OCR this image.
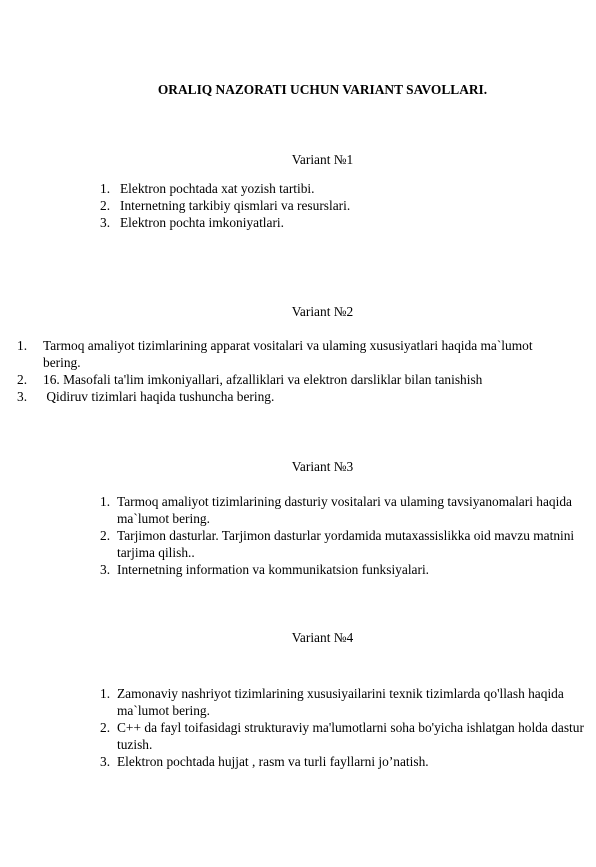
ORALIQ NAZORATI UCHUN VARIANT SAVOLLARI.
Variant №1
1. Elektron pochtada xat yozish tartibi.
2. Internetning tarkibiy qismlari va resurslari.
3. Elektron pochta imkoniyatlari.
Variant №2
1. Tarmoq amaliyot tizimlarining apparat vositalari va ulaming xususiyatlari haqida ma`lumot bering.
2. 16. Masofali ta'lim imkoniyallari, afzalliklari va elektron darsliklar bilan tanishish
3. Qidiruv tizimlari haqida tushuncha bering.
Variant №3
1. Tarmoq amaliyot tizimlarining dasturiy vositalari va ulaming tavsiyanomalari haqida ma`lumot bering.
2. Tarjimon dasturlar. Tarjimon dasturlar yordamida mutaxassislikka oid mavzu matnini tarjima qilish..
3. Internetning information va kommunikatsion funksiyalari.
Variant №4
1. Zamonaviy nashriyot tizimlarining xususiyailarini texnik tizimlarda qo'llash haqida ma`lumot bering.
2. C++ da fayl toifasidagi strukturaviy ma'lumotlarni soha bo'yicha ishlatgan holda dastur tuzish.
3. Elektron pochtada hujjat , rasm va turli fayllarni jo’natish.
